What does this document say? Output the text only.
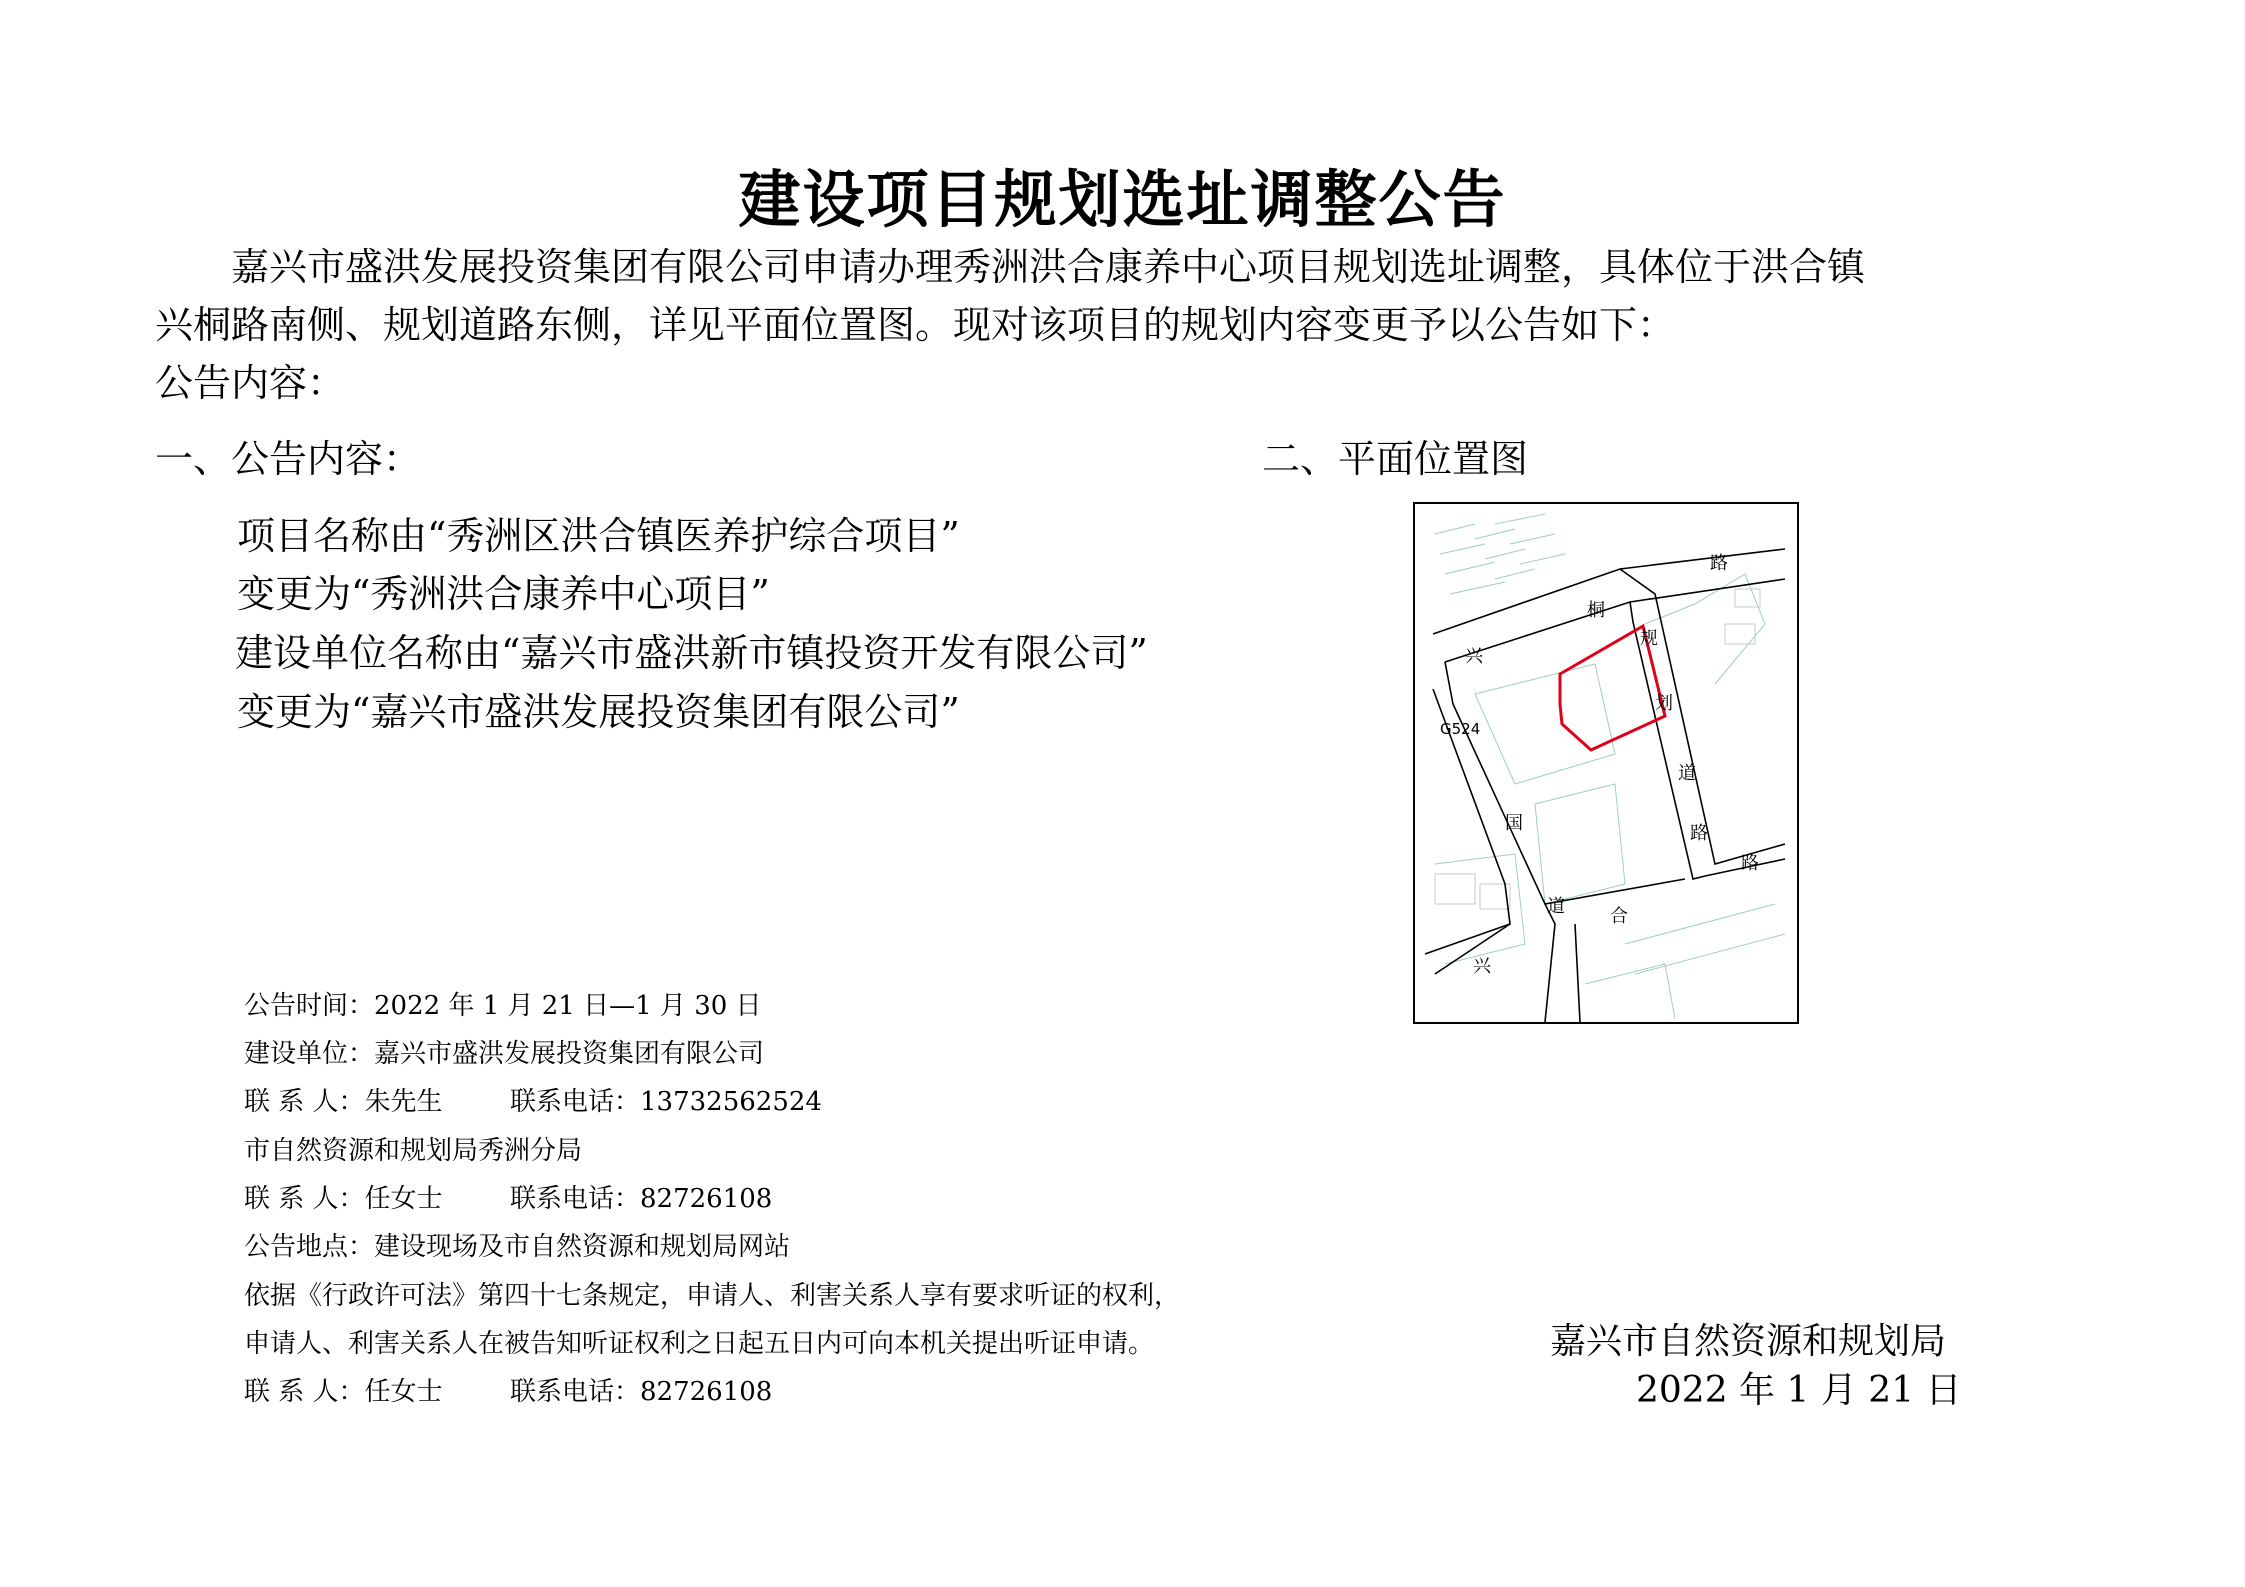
建设项目规划选址调整公告

嘉兴市盛洪发展投资集团有限公司申请办理秀洲洪合康养中心项目规划选址调整，具体位于洪合镇

兴桐路南侧、规划道路东侧，详见平面位置图。现对该项目的规划内容变更予以公告如下：

公告内容：

一、公告内容：	二、平面位置图
项目名称由“秀洲区洪合镇医养护综合项目”
变更为“秀洲洪合康养中心项目”
建设单位名称由“嘉兴市盛洪新市镇投资开发有限公司”
变更为“嘉兴市盛洪发展投资集团有限公司”
路
桐
兴
规
划
道
路
G524
国
道	合
兴
路
公告时间：2022 年 1 月 21 日—1 月 30 日
建设单位：嘉兴市盛洪发展投资集团有限公司
联 系 人：朱先生	联系电话：13732562524
市自然资源和规划局秀洲分局
联 系 人：任女士	联系电话：82726108
公告地点：建设现场及市自然资源和规划局网站
依据《行政许可法》第四十七条规定，申请人、利害关系人享有要求听证的权利，
申请人、利害关系人在被告知听证权利之日起五日内可向本机关提出听证申请。
联 系 人：任女士	联系电话：82726108
嘉兴市自然资源和规划局
2022 年 1 月 21 日
